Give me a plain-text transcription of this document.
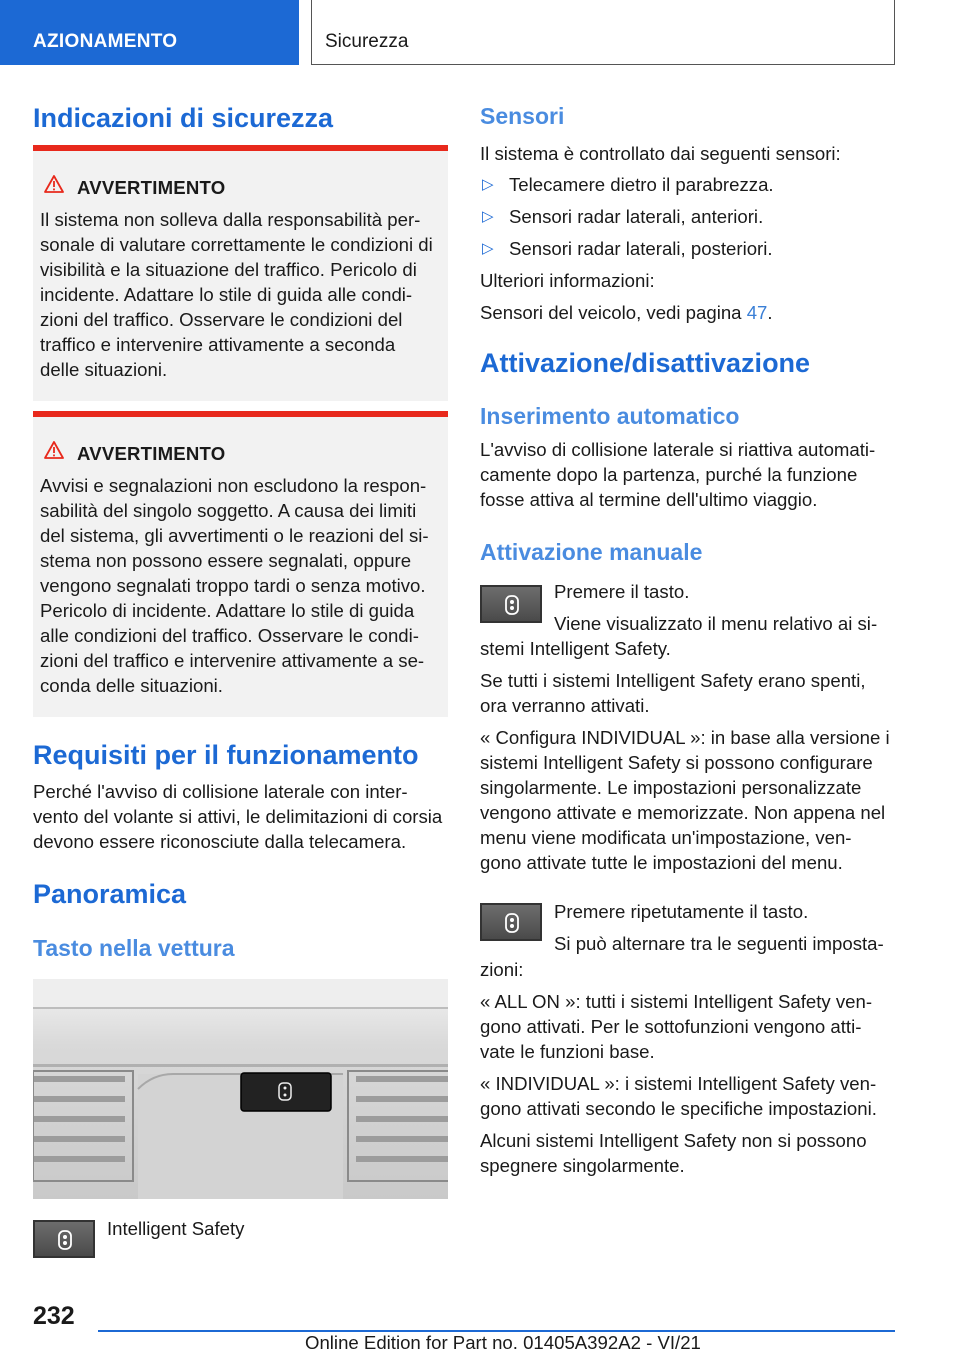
AZIONAMENTO	Sicurezza
Indicazioni di sicurezza
AVVERTIMENTO
Il sistema non solleva dalla responsabilità per-
sonale di valutare correttamente le condizioni di
visibilità e la situazione del traffico. Pericolo di
incidente. Adattare lo stile di guida alle condi-
zioni del traffico. Osservare le condizioni del
traffico e intervenire attivamente a seconda
delle situazioni.
AVVERTIMENTO
Avvisi e segnalazioni non escludono la respon-
sabilità del singolo soggetto. A causa dei limiti
del sistema, gli avvertimenti o le reazioni del si-
stema non possono essere segnalati, oppure
vengono segnalati troppo tardi o senza motivo.
Pericolo di incidente. Adattare lo stile di guida
alle condizioni del traffico. Osservare le condi-
zioni del traffico e intervenire attivamente a se-
conda delle situazioni.
Requisiti per il funzionamento
Perché l'avviso di collisione laterale con inter-
vento del volante si attivi, le delimitazioni di corsia
devono essere riconosciute dalla telecamera.
Panoramica
Tasto nella vettura
Intelligent Safety
Sensori
Il sistema è controllato dai seguenti sensori:
▷ Telecamere dietro il parabrezza.
▷ Sensori radar laterali, anteriori.
▷ Sensori radar laterali, posteriori.
Ulteriori informazioni:
Sensori del veicolo, vedi pagina 47.
Attivazione/disattivazione
Inserimento automatico
L'avviso di collisione laterale si riattiva automati-
camente dopo la partenza, purché la funzione
fosse attiva al termine dell'ultimo viaggio.
Attivazione manuale
Premere il tasto.
Viene visualizzato il menu relativo ai si-
stemi Intelligent Safety.
Se tutti i sistemi Intelligent Safety erano spenti,
ora verranno attivati.
« Configura INDIVIDUAL »: in base alla versione i
sistemi Intelligent Safety si possono configurare
singolarmente. Le impostazioni personalizzate
vengono attivate e memorizzate. Non appena nel
menu viene modificata un'impostazione, ven-
gono attivate tutte le impostazioni del menu.
Premere ripetutamente il tasto.
Si può alternare tra le seguenti imposta-
zioni:
« ALL ON »: tutti i sistemi Intelligent Safety ven-
gono attivati. Per le sottofunzioni vengono atti-
vate le funzioni base.
« INDIVIDUAL »: i sistemi Intelligent Safety ven-
gono attivati secondo le specifiche impostazioni.
Alcuni sistemi Intelligent Safety non si possono
spegnere singolarmente.
232
Online Edition for Part no. 01405A392A2 - VI/21
